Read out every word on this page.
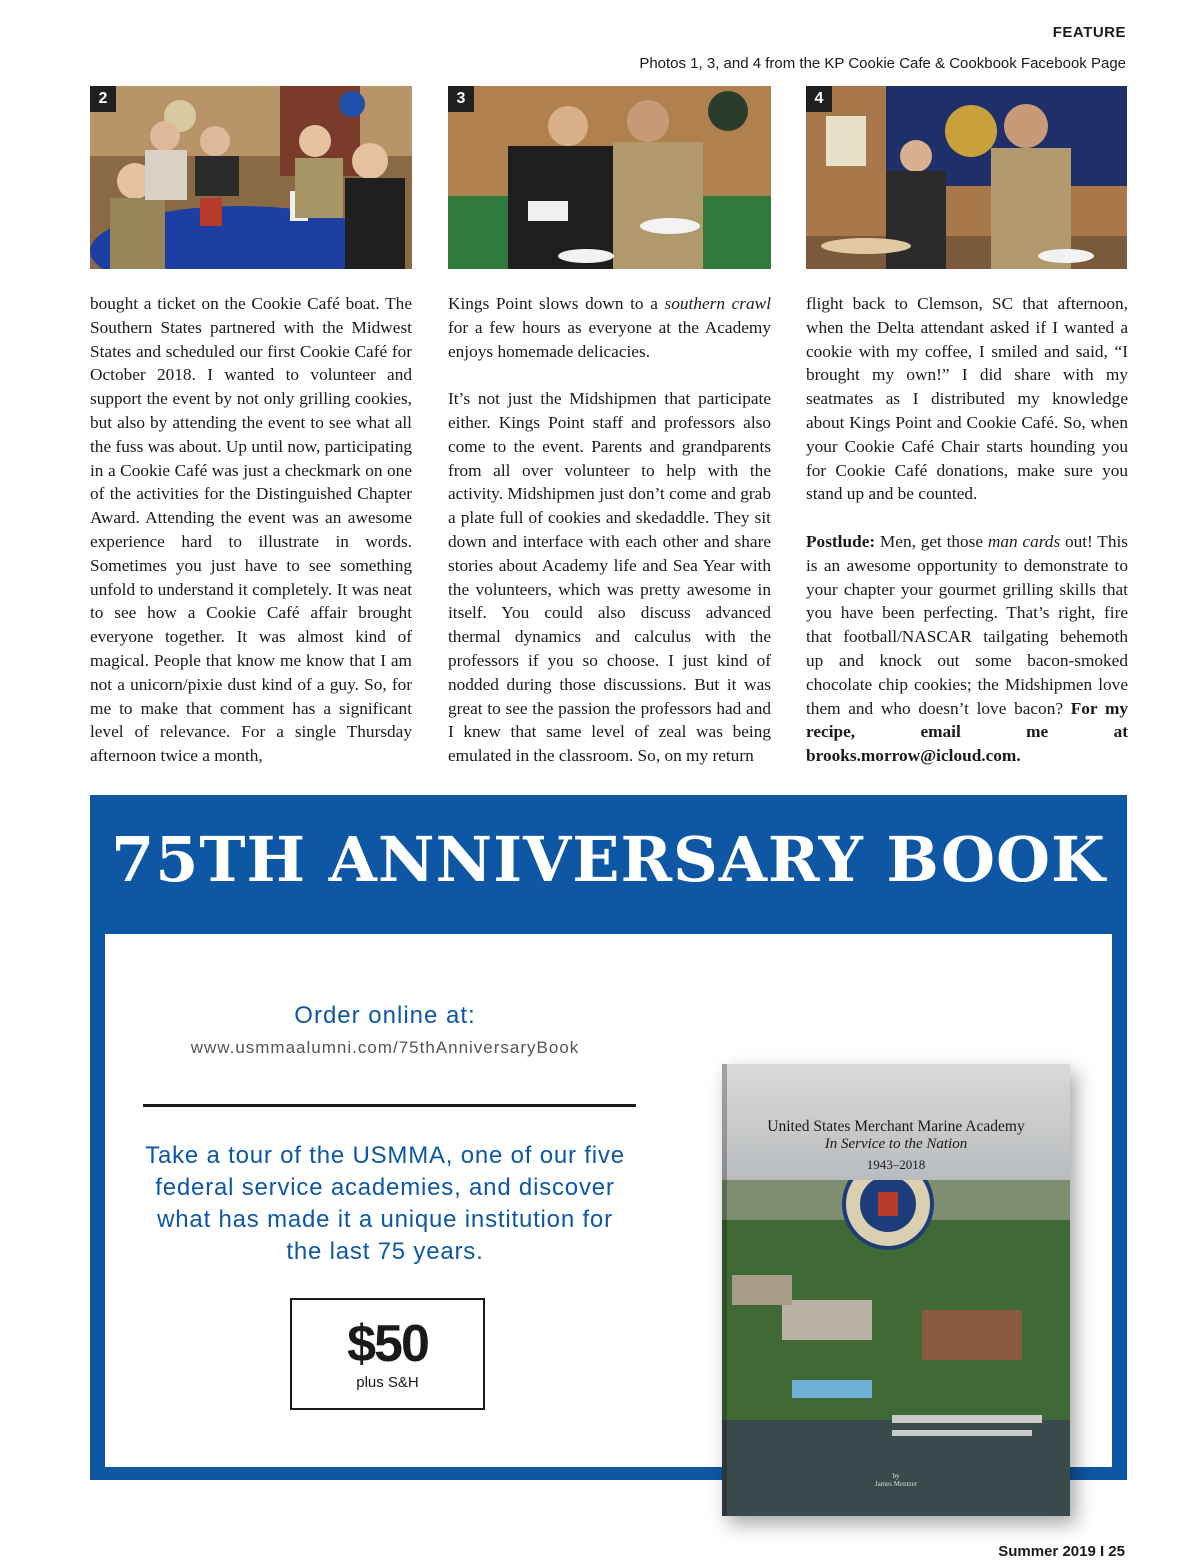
FEATURE
Photos 1, 3, and 4 from the KP Cookie Cafe & Cookbook Facebook Page
2	3	4

bought a ticket on the Cookie Café boat. The Southern States partnered with the Midwest States and scheduled our first Cookie Café for October 2018. I wanted to volunteer and support the event by not only grilling cookies, but also by attending the event to see what all the fuss was about. Up until now, participating in a Cookie Café was just a checkmark on one of the activities for the Distinguished Chapter Award. Attending the event was an awesome experience hard to illustrate in words. Sometimes you just have to see something unfold to understand it completely. It was neat to see how a Cookie Café affair brought everyone together. It was almost kind of magical. People that know me know that I am not a unicorn/pixie dust kind of a guy. So, for me to make that comment has a significant level of relevance. For a single Thursday afternoon twice a month,

Kings Point slows down to a southern crawl for a few hours as everyone at the Academy enjoys homemade delicacies.

It’s not just the Midshipmen that participate either. Kings Point staff and professors also come to the event. Parents and grandparents from all over volunteer to help with the activity. Midshipmen just don’t come and grab a plate full of cookies and skedaddle. They sit down and interface with each other and share stories about Academy life and Sea Year with the volunteers, which was pretty awesome in itself. You could also discuss advanced thermal dynamics and calculus with the professors if you so choose. I just kind of nodded during those discussions. But it was great to see the passion the professors had and I knew that same level of zeal was being emulated in the classroom. So, on my return

flight back to Clemson, SC that afternoon, when the Delta attendant asked if I wanted a cookie with my coffee, I smiled and said, “I brought my own!” I did share with my seatmates as I distributed my knowledge about Kings Point and Cookie Café. So, when your Cookie Café Chair starts hounding you for Cookie Café donations, make sure you stand up and be counted.

Postlude: Men, get those man cards out! This is an awesome opportunity to demonstrate to your chapter your gourmet grilling skills that you have been perfecting. That’s right, fire that football/NASCAR tailgating behemoth up and knock out some bacon-smoked chocolate chip cookies; the Midshipmen love them and who doesn’t love bacon? For my recipe, email me at brooks.morrow@icloud.com.

75TH ANNIVERSARY BOOK
Order online at:
www.usmmaalumni.com/75thAnniversaryBook
Take a tour of the USMMA, one of our five federal service academies, and discover what has made it a unique institution for the last 75 years.
$50
plus S&H
United States Merchant Marine Academy
In Service to the Nation
1943–2018
by
James Mentzer
Summer 2019 I 25
